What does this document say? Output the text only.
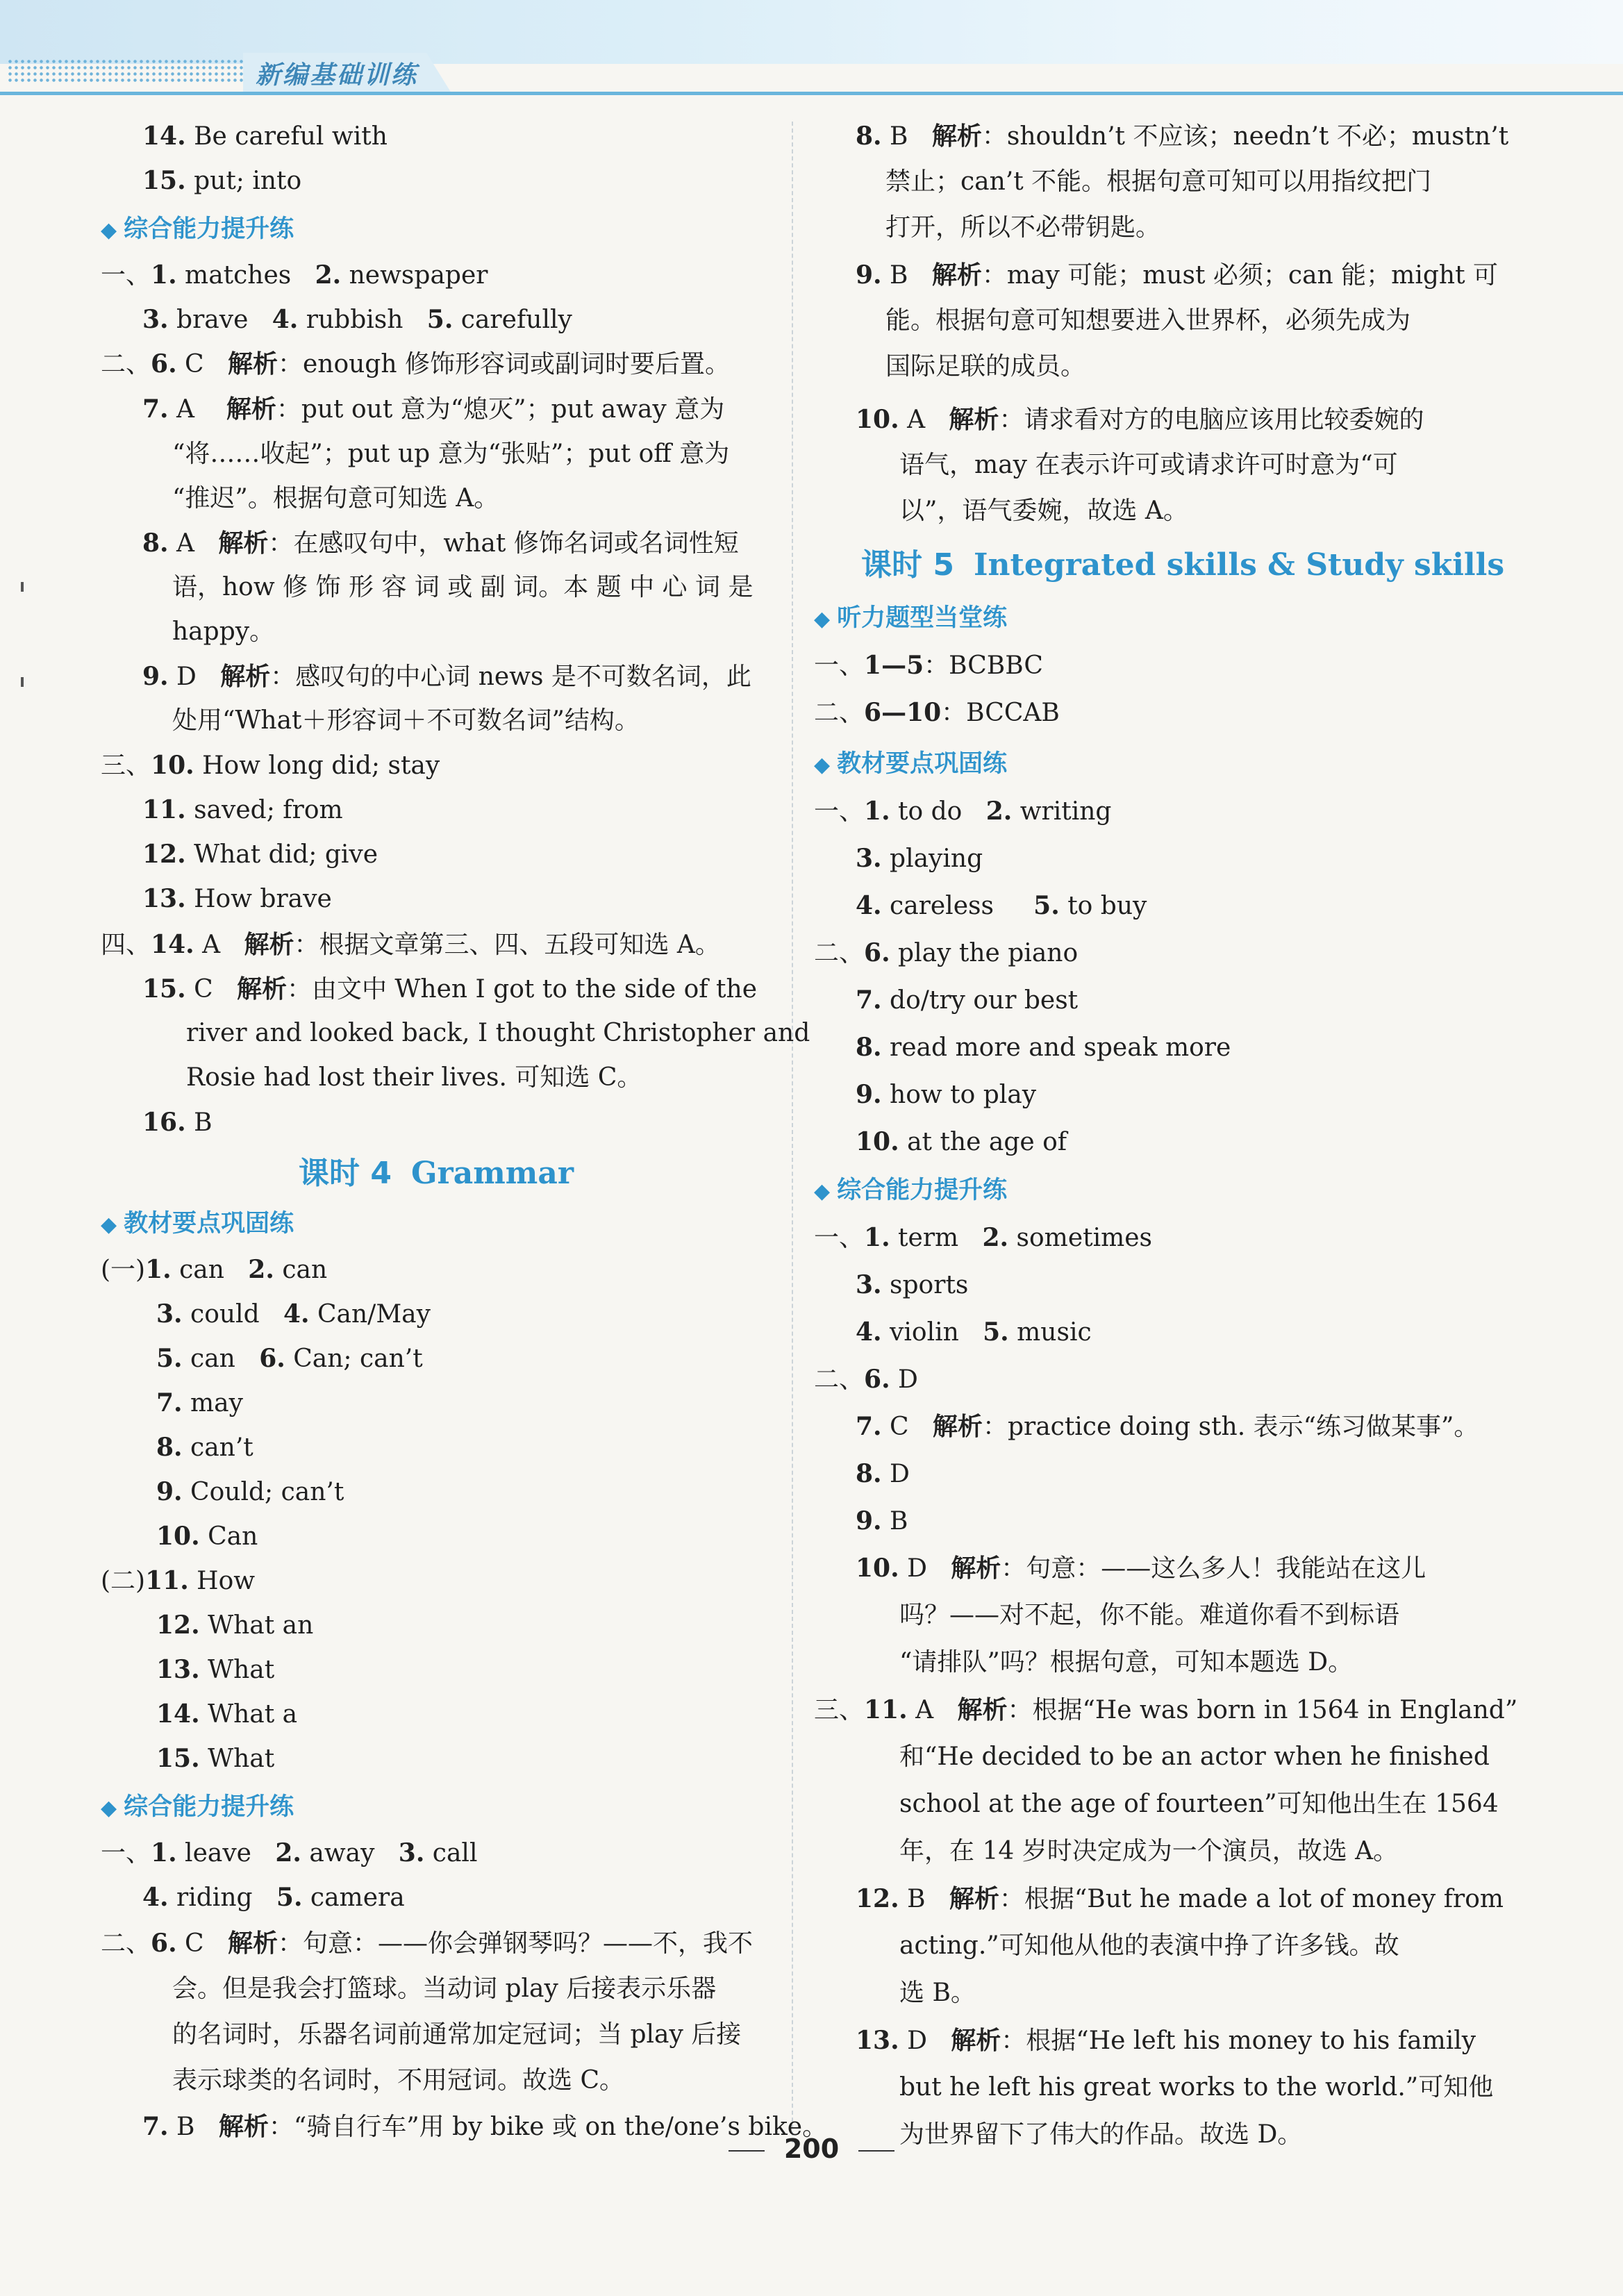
新编基础训练
14. Be careful with
15. put; into
◆ 综合能力提升练
一、1. matches   2. newspaper
3. brave   4. rubbish   5. carefully
二、6. C   解析：enough 修饰形容词或副词时要后置。
7. A    解析：put out 意为“熄灭”；put away 意为
“将……收起”；put up 意为“张贴”；put off 意为
“推迟”。根据句意可知选 A。
8. A   解析：在感叹句中，what 修饰名词或名词性短
语，how 修 饰 形 容 词 或 副 词。本 题 中 心 词 是
happy。
9. D   解析：感叹句的中心词 news 是不可数名词，此
处用“What＋形容词＋不可数名词”结构。
三、10. How long did; stay
11. saved; from
12. What did; give
13. How brave
四、14. A   解析：根据文章第三、四、五段可知选 A。
15. C   解析：由文中 When I got to the side of the
river and looked back, I thought Christopher and
Rosie had lost their lives. 可知选 C。
16. B
课时 4 Grammar
◆ 教材要点巩固练
(一)1. can   2. can
3. could   4. Can/May
5. can   6. Can; can’t
7. may
8. can’t
9. Could; can’t
10. Can
(二)11. How
12. What an
13. What
14. What a
15. What
◆ 综合能力提升练
一、1. leave   2. away   3. call
4. riding   5. camera
二、6. C   解析：句意：——你会弹钢琴吗？——不，我不
会。但是我会打篮球。当动词 play 后接表示乐器
的名词时，乐器名词前通常加定冠词；当 play 后接
表示球类的名词时，不用冠词。故选 C。
7. B   解析：“骑自行车”用 by bike 或 on the/one’s bike。
8. B   解析：shouldn’t 不应该；needn’t 不必；mustn’t
禁止；can’t 不能。根据句意可知可以用指纹把门
打开，所以不必带钥匙。
9. B   解析：may 可能；must 必须；can 能；might 可
能。根据句意可知想要进入世界杯，必须先成为
国际足联的成员。
10. A   解析：请求看对方的电脑应该用比较委婉的
语气，may 在表示许可或请求许可时意为“可
以”，语气委婉，故选 A。
课时 5 Integrated skills & Study skills
◆ 听力题型当堂练
一、1—5：BCBBC
二、6—10：BCCAB
◆ 教材要点巩固练
一、1. to do   2. writing
3. playing
4. careless     5. to buy
二、6. play the piano
7. do/try our best
8. read more and speak more
9. how to play
10. at the age of
◆ 综合能力提升练
一、1. term   2. sometimes
3. sports
4. violin   5. music
二、6. D
7. C   解析：practice doing sth. 表示“练习做某事”。
8. D
9. B
10. D   解析：句意：——这么多人！我能站在这儿
吗？——对不起，你不能。难道你看不到标语
“请排队”吗？根据句意，可知本题选 D。
三、11. A   解析：根据“He was born in 1564 in England”
和“He decided to be an actor when he finished
school at the age of fourteen”可知他出生在 1564
年，在 14 岁时决定成为一个演员，故选 A。
12. B   解析：根据“But he made a lot of money from
acting.”可知他从他的表演中挣了许多钱。故
选 B。
13. D   解析：根据“He left his money to his family
but he left his great works to the world.”可知他
为世界留下了伟大的作品。故选 D。
200
